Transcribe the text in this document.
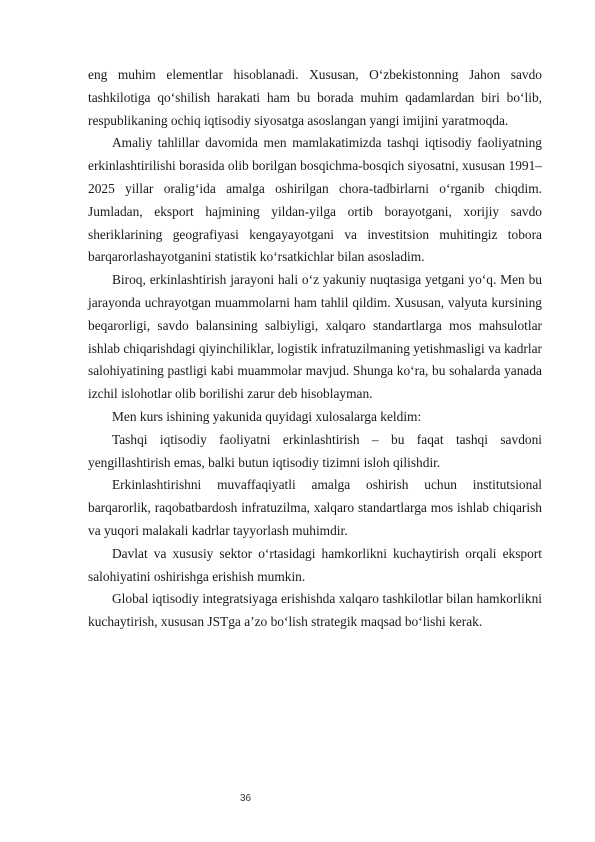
eng muhim elementlar hisoblanadi. Xususan, O‘zbekistonning Jahon savdo tashkilotiga qo‘shilish harakati ham bu borada muhim qadamlardan biri bo‘lib, respublikaning ochiq iqtisodiy siyosatga asoslangan yangi imijini yaratmoqda.

Amaliy tahlillar davomida men mamlakatimizda tashqi iqtisodiy faoliyatning erkinlashtirilishi borasida olib borilgan bosqichma-bosqich siyosatni, xususan 1991–2025 yillar oralig‘ida amalga oshirilgan chora-tadbirlarni o‘rganib chiqdim. Jumladan, eksport hajmining yildan-yilga ortib borayotgani, xorijiy savdo sheriklarining geografiyasi kengayayotgani va investitsion muhitingiz tobora barqarorlashayotganini statistik ko‘rsatkichlar bilan asosladim.

Biroq, erkinlashtirish jarayoni hali o‘z yakuniy nuqtasiga yetgani yo‘q. Men bu jarayonda uchrayotgan muammolarni ham tahlil qildim. Xususan, valyuta kursining beqarorligi, savdo balansining salbiyligi, xalqaro standartlarga mos mahsulotlar ishlab chiqarishdagi qiyinchiliklar, logistik infratuzilmaning yetishmasligi va kadrlar salohiyatining pastligi kabi muammolar mavjud. Shunga ko‘ra, bu sohalarda yanada izchil islohotlar olib borilishi zarur deb hisoblayman.

Men kurs ishining yakunida quyidagi xulosalarga keldim:

Tashqi iqtisodiy faoliyatni erkinlashtirish – bu faqat tashqi savdoni yengillashtirish emas, balki butun iqtisodiy tizimni isloh qilishdir.

Erkinlashtirishni muvaffaqiyatli amalga oshirish uchun institutsional barqarorlik, raqobatbardosh infratuzilma, xalqaro standartlarga mos ishlab chiqarish va yuqori malakali kadrlar tayyorlash muhimdir.

Davlat va xususiy sektor o‘rtasidagi hamkorlikni kuchaytirish orqali eksport salohiyatini oshirishga erishish mumkin.

Global iqtisodiy integratsiyaga erishishda xalqaro tashkilotlar bilan hamkorlikni kuchaytirish, xususan JSTga a’zo bo‘lish strategik maqsad bo‘lishi kerak.

36
